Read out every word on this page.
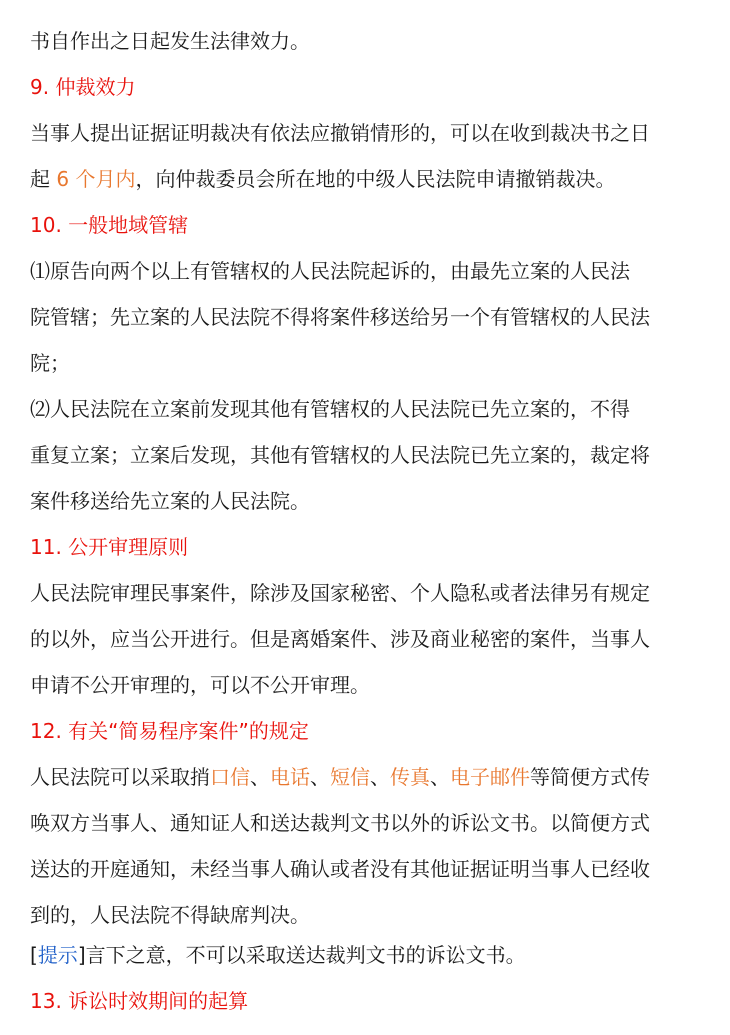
书自作出之日起发生法律效力。
9. 仲裁效力
当事人提出证据证明裁决有依法应撤销情形的，可以在收到裁决书之日
起 6 个月内，向仲裁委员会所在地的中级人民法院申请撤销裁决。
10. 一般地域管辖
⑴原告向两个以上有管辖权的人民法院起诉的，由最先立案的人民法
院管辖；先立案的人民法院不得将案件移送给另一个有管辖权的人民法
院；
⑵人民法院在立案前发现其他有管辖权的人民法院已先立案的，不得
重复立案；立案后发现，其他有管辖权的人民法院已先立案的，裁定将
案件移送给先立案的人民法院。
11. 公开审理原则
人民法院审理民事案件，除涉及国家秘密、个人隐私或者法律另有规定
的以外，应当公开进行。但是离婚案件、涉及商业秘密的案件，当事人
申请不公开审理的，可以不公开审理。
12. 有关“简易程序案件”的规定
人民法院可以采取捎口信、电话、短信、传真、电子邮件等简便方式传
唤双方当事人、通知证人和送达裁判文书以外的诉讼文书。以简便方式
送达的开庭通知，未经当事人确认或者没有其他证据证明当事人已经收
到的，人民法院不得缺席判决。
[提示]言下之意，不可以采取送达裁判文书的诉讼文书。
13. 诉讼时效期间的起算
